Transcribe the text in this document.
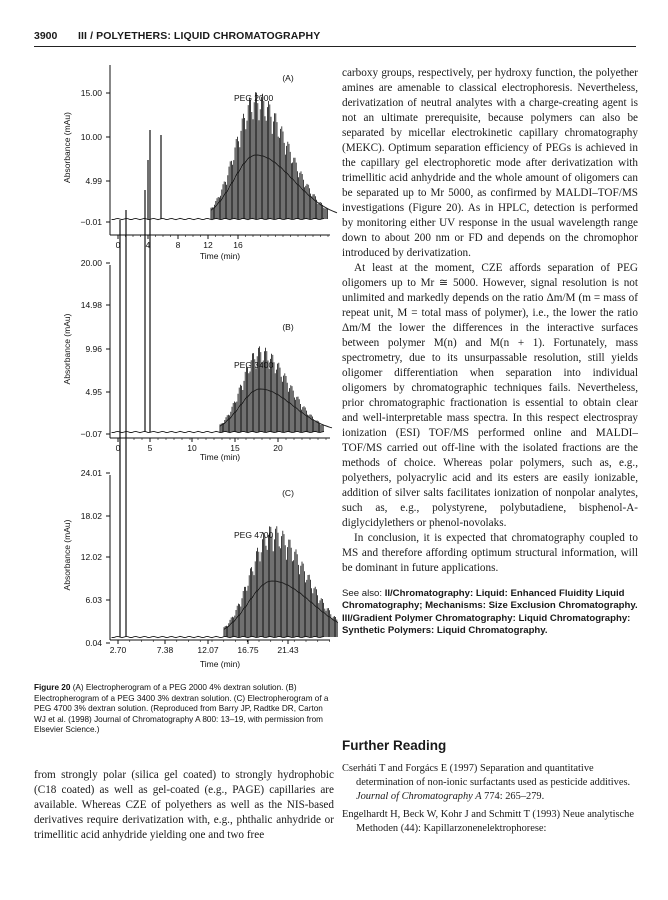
3900 III / POLYETHERS: LIQUID CHROMATOGRAPHY
15.00
10.00
4.99
−0.01
0	4	8	12 16
Time (min)
Absorbance (mAu)
(A)
PEG 2000
20.00
14.98
9.96
4.95
−0.07
0	5	10	15	20
Time (min)
Absorbance (mAu)	(B)
PEG 3400
24.01
18.02
12.02
6.03
0.04
2.70	7.38	12.07 16.75 21.43
Time (min)
Absorbance (mAu)
(C)
PEG 4700
Figure 20 (A) Electropherogram of a PEG 2000 4% dextran solution. (B) Electropherogram of a PEG 3400 3% dextran solution. (C) Electropherogram of a PEG 4700 3% dextran solution. (Reproduced from Barry JP, Radtke DR, Carton WJ et al. (1998) Journal of Chromatography A 800: 13–19, with permission from Elsevier Science.)
from strongly polar (silica gel coated) to strongly hydrophobic (C18 coated) as well as gel-coated (e.g., PAGE) capillaries are available. Whereas CZE of polyethers as well as the NIS-based derivatives require derivatization with, e.g., phthalic anhydride or trimellitic acid anhydride yielding one and two free

carboxy groups, respectively, per hydroxy function, the polyether amines are amenable to classical electrophoresis. Nevertheless, derivatization of neutral analytes with a charge-creating agent is not an ultimate prerequisite, because polymers can also be separated by micellar electrokinetic capillary chromatography (MEKC). Optimum separation efficiency of PEGs is achieved in the capillary gel electrophoretic mode after derivatization with trimellitic acid anhydride and the whole amount of oligomers can be separated up to Mr 5000, as confirmed by MALDI–TOF/MS investigations (Figure 20). As in HPLC, detection is performed by monitoring either UV response in the usual wavelength range down to about 200 nm or FD and depends on the chromophor introduced by derivatization.

At least at the moment, CZE affords separation of PEG oligomers up to Mr ≅ 5000. However, signal resolution is not unlimited and markedly depends on the ratio Δm/M (m = mass of repeat unit, M = total mass of polymer), i.e., the lower the ratio Δm/M the lower the differences in the interactive surfaces between polymer M(n) and M(n + 1). Fortunately, mass spectrometry, due to its unsurpassable resolution, still yields oligomer differentiation when separation into individual oligomers by chromatographic techniques fails. Nevertheless, prior chromatographic fractionation is essential to obtain clear and well-interpretable mass spectra. In this respect electrospray ionization (ESI) TOF/MS performed online and MALDI–TOF/MS carried out off-line with the isolated fractions are the methods of choice. Whereas polar polymers, such as, e.g., polyethers, polyacrylic acid and its esters are easily ionizable, addition of silver salts facilitates ionization of nonpolar analytes, such as, e.g., polystyrene, polybutadiene, bisphenol-A-diglycidylethers or phenol-novolaks.

In conclusion, it is expected that chromatography coupled to MS and therefore affording optimum structural information, will be dominant in future applications.

See also: II/Chromatography: Liquid: Enhanced Fluidity Liquid Chromatography; Mechanisms: Size Exclusion Chromatography. III/Gradient Polymer Chromatography: Liquid Chromatography: Synthetic Polymers: Liquid Chromatography.

Further Reading
Cserháti T and Forgács E (1997) Separation and quantitative determination of non-ionic surfactants used as pesticide additives. Journal of Chromatography A 774: 265–279.
Engelhardt H, Beck W, Kohr J and Schmitt T (1993) Neue analytische Methoden (44): Kapillarzonenelektrophorese:
